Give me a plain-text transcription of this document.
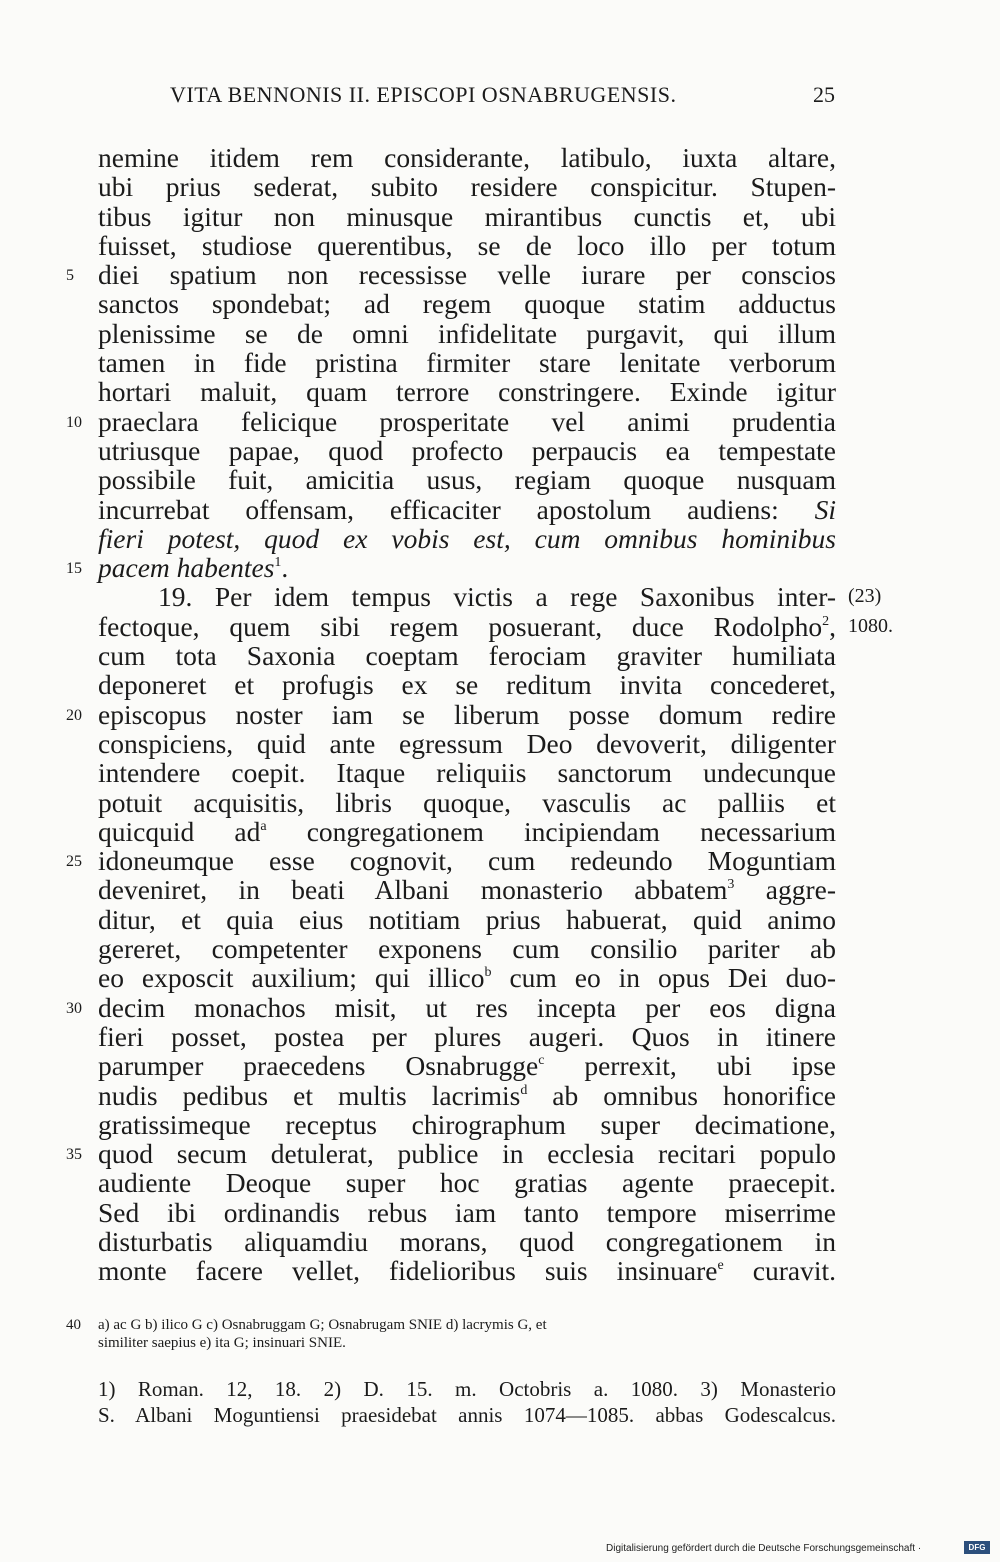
VITA BENNONIS II. EPISCOPI OSNABRUGENSIS.	25
nemine itidem rem considerante, latibulo, iuxta altare,
ubi prius sederat, subito residere conspicitur. Stupen-
tibus igitur non minusque mirantibus cunctis et, ubi
fuisset, studiose querentibus, se de loco illo per totum
5 diei spatium non recessisse velle iurare per conscios
sanctos spondebat; ad regem quoque statim adductus
plenissime se de omni infidelitate purgavit, qui illum
tamen in fide pristina firmiter stare lenitate verborum
hortari maluit, quam terrore constringere. Exinde igitur
10 praeclara felicique prosperitate vel animi prudentia
utriusque papae, quod profecto perpaucis ea tempestate
possibile fuit, amicitia usus, regiam quoque nusquam
incurrebat offensam, efficaciter apostolum audiens: Si
fieri potest, quod ex vobis est, cum omnibus hominibus
15 pacem habentes$^1$.
19. Per idem tempus victis a rege Saxonibus inter- (23)
fectoque, quem sibi regem posuerant, duce Rodolpho$^2$, 1080.
cum tota Saxonia coeptam ferociam graviter humiliata
deponeret et profugis ex se reditum invita concederet,
20 episcopus noster iam se liberum posse domum redire
conspiciens, quid ante egressum Deo devoverit, diligenter
intendere coepit. Itaque reliquiis sanctorum undecunque
potuit acquisitis, libris quoque, vasculis ac palliis et
quicquid $ad^a$ congregationem incipiendam necessarium
25 idoneumque esse cognovit, cum redeundo Moguntiam
deveniret, in beati Albani monasterio abbatem$^3$ aggre-
ditur, et quia eius notitiam prius habuerat, quid animo
gereret, competenter exponens cum consilio pariter ab
eo exposcit auxilium; qui illico$^b$ cum eo in opus Dei duo-
30 decim monachos misit, ut res incepta per eos digna
fieri posset, postea per plures augeri. Quos in itinere
parumper praecedens Osnabrugge$^c$ perrexit, ubi ipse
nudis pedibus et multis lacrimis$^d$ ab omnibus honorifice
gratissimeque receptus chirographum super decimatione,
35 quod secum detulerat, publice in ecclesia recitari populo
audiente Deoque super hoc gratias agente praecepit.
Sed ibi ordinandis rebus iam tanto tempore miserrime
disturbatis aliquamdiu morans, quod congregationem in
monte facere vellet, fidelioribus suis insinuare$^e$ curavit.
40 a) ac G b) ilico G c) Osnabruggam G; Osnabrugam SNIE d) lacrymis G, et
similiter saepius e) ita G; insinuari SNIE.
1) Roman. 12, 18. 2) D. 15. m. Octobris a. 1080. 3) Monasterio
S. Albani Moguntiensi praesidebat annis 1074—1085. abbas Godescalcus.
Digitalisierung gefördert durch die Deutsche Forschungsgemeinschaft ·	DFG
